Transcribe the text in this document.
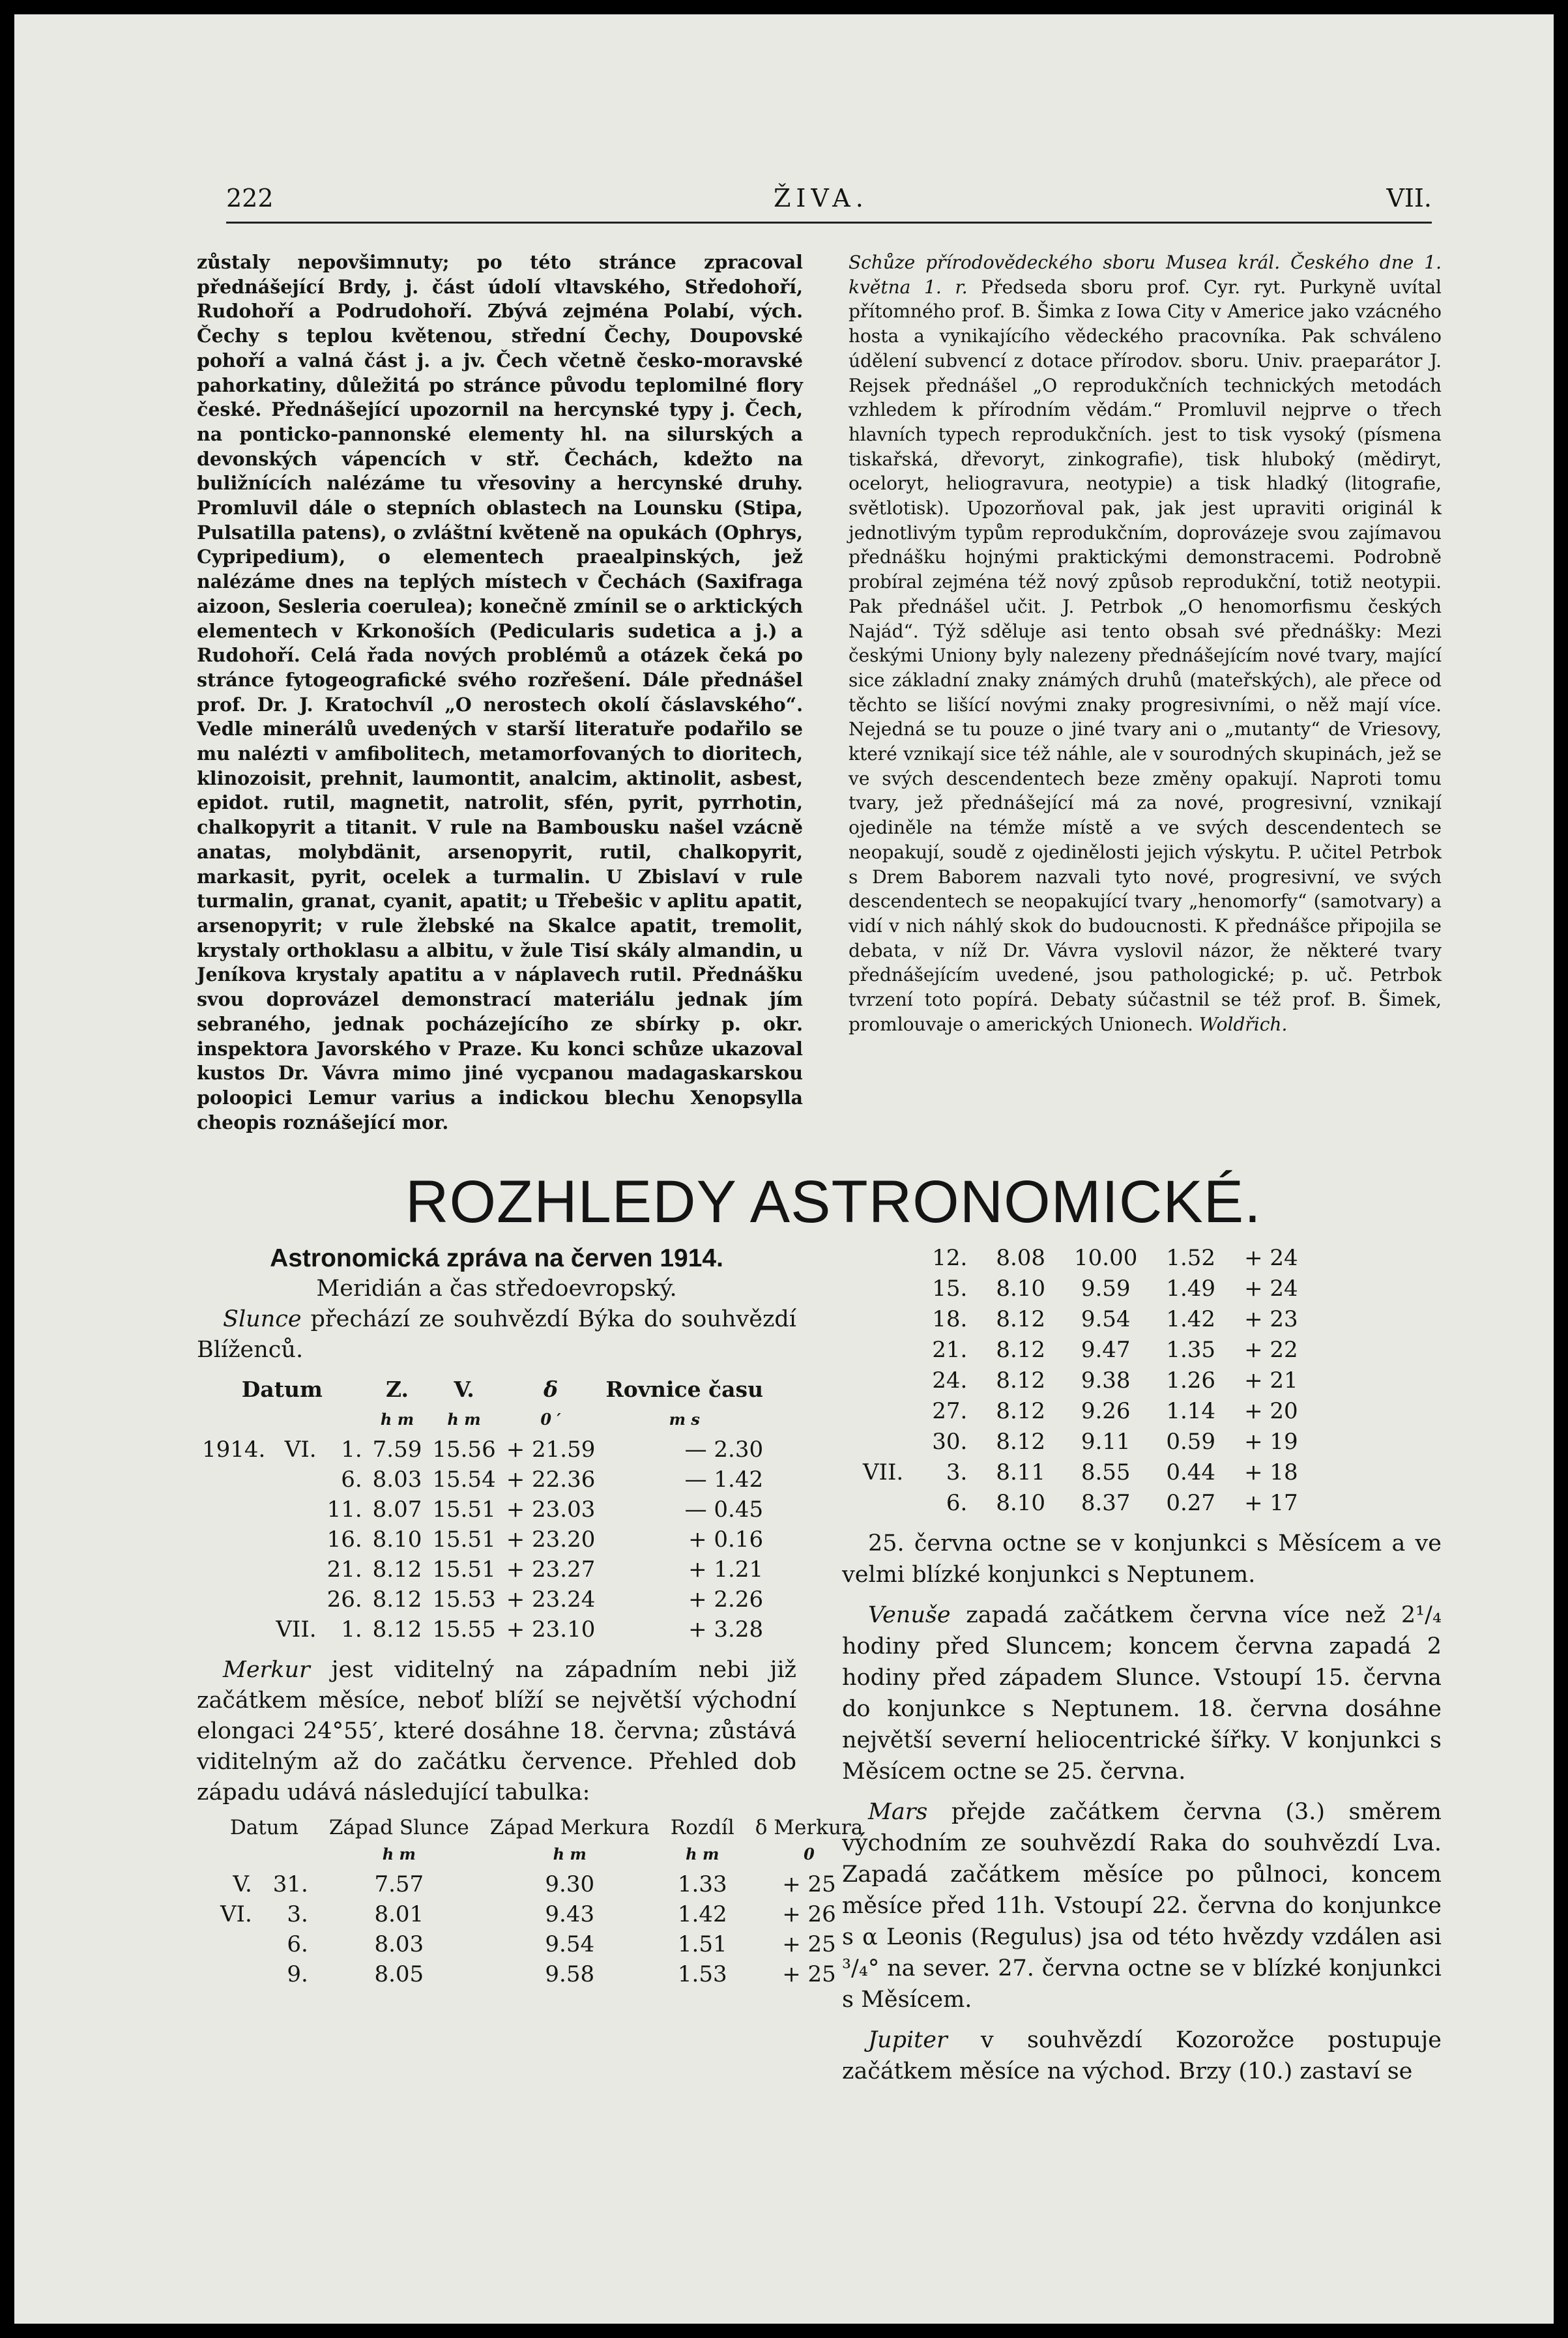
222	ŽIVA.	VII.

zůstaly nepovšimnuty; po této stránce zpracoval přednášející Brdy, j. část údolí vltavského, Středohoří, Rudohoří a Podrudohoří. Zbývá zejména Polabí, vých. Čechy s teplou květenou, střední Čechy, Doupovské pohoří a valná část j. a jv. Čech včetně česko-moravské pahorkatiny, důležitá po stránce původu teplomilné flory české. Přednášející upozornil na hercynské typy j. Čech, na ponticko-pannonské elementy hl. na silurských a devonských vápencích v stř. Čechách, kdežto na buližnících nalézáme tu vřesoviny a hercynské druhy. Promluvil dále o stepních oblastech na Lounsku (Stipa, Pulsatilla patens), o zvláštní květeně na opukách (Ophrys, Cypripedium), o elementech praealpinských, jež nalézáme dnes na teplých místech v Čechách (Saxifraga aizoon, Sesleria coerulea); konečně zmínil se o arktických elementech v Krkonoších (Pedicularis sudetica a j.) a Rudohoří. Celá řada nových problémů a otázek čeká po stránce fytogeografické svého rozřešení. Dále přednášel prof. Dr. J. Kratochvíl „O nerostech okolí čáslavského“. Vedle minerálů uvedených v starší literatuře podařilo se mu nalézti v amfibolitech, metamorfovaných to dioritech, klinozoisit, prehnit, laumontit, analcim, aktinolit, asbest, epidot. rutil, magnetit, natrolit, sfén, pyrit, pyrrhotin, chalkopyrit a titanit. V rule na Bambousku našel vzácně anatas, molybdänit, arsenopyrit, rutil, chalkopyrit, markasit, pyrit, ocelek a turmalin. U Zbislaví v rule turmalin, granat, cyanit, apatit; u Třebešic v aplitu apatit, arsenopyrit; v rule žlebské na Skalce apatit, tremolit, krystaly orthoklasu a albitu, v žule Tisí skály almandin, u Jeníkova krystaly apatitu a v náplavech rutil. Přednášku svou doprovázel demonstrací materiálu jednak jím sebraného, jednak pocházejícího ze sbírky p. okr. inspektora Javorského v Praze. Ku konci schůze ukazoval kustos Dr. Vávra mimo jiné vycpanou madagaskarskou poloopici Lemur varius a indickou blechu Xenopsylla cheopis roznášející mor.

Schůze přírodovědeckého sboru Musea král. Českého dne 1. května 1. r. Předseda sboru prof. Cyr. ryt. Purkyně uvítal přítomného prof. B. Šimka z Iowa City v Americe jako vzácného hosta a vynikajícího vědeckého pracovníka. Pak schváleno údělení subvencí z dotace přírodov. sboru. Univ. praeparátor J. Rejsek přednášel „O reprodukčních technických metodách vzhledem k přírodním vědám.“ Promluvil nejprve o třech hlavních typech reprodukčních. jest to tisk vysoký (písmena tiskařská, dřevoryt, zinkografie), tisk hluboký (mědiryt, oceloryt, heliogravura, neotypie) a tisk hladký (litografie, světlotisk). Upozorňoval pak, jak jest upraviti originál k jednotlivým typům reprodukčním, doprovázeje svou zajímavou přednášku hojnými praktickými demonstracemi. Podrobně probíral zejména též nový způsob reprodukční, totiž neotypii. Pak přednášel učit. J. Petrbok „O henomorfismu českých Najád“. Týž sděluje asi tento obsah své přednášky: Mezi českými Uniony byly nalezeny přednášejícím nové tvary, mající sice základní znaky známých druhů (mateřských), ale přece od těchto se lišící novými znaky progresivními, o něž mají více. Nejedná se tu pouze o jiné tvary ani o „mutanty“ de Vriesovy, které vznikají sice též náhle, ale v sourodných skupinách, jež se ve svých descendentech beze změny opakují. Naproti tomu tvary, jež přednášející má za nové, progresivní, vznikají ojediněle na témže místě a ve svých descendentech se neopakují, soudě z ojedinělosti jejich výskytu. P. učitel Petrbok s Drem Baborem nazvali tyto nové, progresivní, ve svých descendentech se neopakující tvary „henomorfy“ (samotvary) a vidí v nich náhlý skok do budoucnosti. K přednášce připojila se debata, v níž Dr. Vávra vyslovil názor, že některé tvary přednášejícím uvedené, jsou pathologické; p. uč. Petrbok tvrzení toto popírá. Debaty súčastnil se též prof. B. Šimek, promlouvaje o amerických Unionech. Woldřich.

ROZHLEDY ASTRONOMICKÉ.
Astronomická zpráva na červen 1914.
Meridián a čas středoevropský.

Slunce přechází ze souhvězdí Býka do souhvězdí Blíženců.

Datum			Z.	V.	δ	Rovnice času
			h m	h m	0 ′	m s
1914.	VI.	1.	7.59	15.56	+ 21.59	— 2.30
		6.	8.03	15.54	+ 22.36	— 1.42
		11.	8.07	15.51	+ 23.03	— 0.45
		16.	8.10	15.51	+ 23.20	+ 0.16
		21.	8.12	15.51	+ 23.27	+ 1.21
		26.	8.12	15.53	+ 23.24	+ 2.26
	VII.	1.	8.12	15.55	+ 23.10	+ 3.28

Merkur jest viditelný na západním nebi již začátkem měsíce, neboť blíží se největší východní elongaci 24°55′, které dosáhne 18. června; zůstává viditelným až do začátku července. Přehled dob západu udává následující tabulka:

Datum		Západ Slunce	Západ Merkura	Rozdíl	δ Merkura
		h m	h m	h m	0
V.	31.	7.57	9.30	1.33	+ 25
VI.	3.	8.01	9.43	1.42	+ 26
	6.	8.03	9.54	1.51	+ 25
	9.	8.05	9.58	1.53	+ 25
	12.	8.08	10.00	1.52	+ 24
	15.	8.10	9.59	1.49	+ 24
	18.	8.12	9.54	1.42	+ 23
	21.	8.12	9.47	1.35	+ 22
	24.	8.12	9.38	1.26	+ 21
	27.	8.12	9.26	1.14	+ 20
	30.	8.12	9.11	0.59	+ 19
VII.	3.	8.11	8.55	0.44	+ 18
	6.	8.10	8.37	0.27	+ 17

25. června octne se v konjunkci s Měsícem a ve velmi blízké konjunkci s Neptunem.

Venuše zapadá začátkem června více než 2¹/₄ hodiny před Sluncem; koncem června zapadá 2 hodiny před západem Slunce. Vstoupí 15. června do konjunkce s Neptunem. 18. června dosáhne největší severní heliocentrické šířky. V konjunkci s Měsícem octne se 25. června.

Mars přejde začátkem června (3.) směrem východním ze souhvězdí Raka do souhvězdí Lva. Zapadá začátkem měsíce po půlnoci, koncem měsíce před 11h. Vstoupí 22. června do konjunkce s α Leonis (Regulus) jsa od této hvězdy vzdálen asi ³/₄° na sever. 27. června octne se v blízké konjunkci s Měsícem.

Jupiter v souhvězdí Kozorožce postupuje začátkem měsíce na východ. Brzy (10.) zastaví se
